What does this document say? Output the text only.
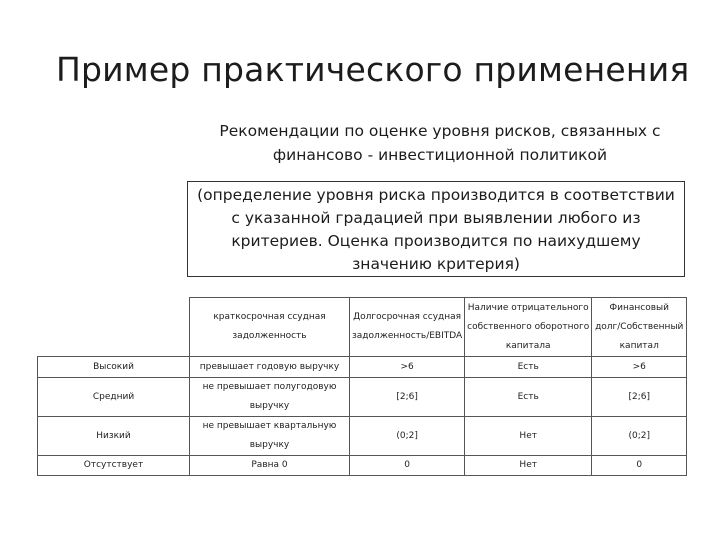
Пример практического применения
Рекомендации по оценке уровня рисков, связанных с
финансово - инвестиционной политикой
(определение уровня риска производится в соответствии
с указанной градацией при выявлении любого из
критериев. Оценка производится по наихудшему
значению критерия)

	краткосрочная ссудная
задолженность	Долгосрочная ссудная
задолженность/EBITDA	Наличие отрицательного
собственного оборотного
капитала	Финансовый
долг/Собственный
капитал

Высокий	превышает годовую выручку	>6	Есть	>6
Средний	не превышает полугодовую
выручку	[2;6]	Есть	[2;6]
Низкий	не превышает квартальную
выручку	(0;2]	Нет	(0;2]
Отсутствует	Равна 0	0	Нет	0
